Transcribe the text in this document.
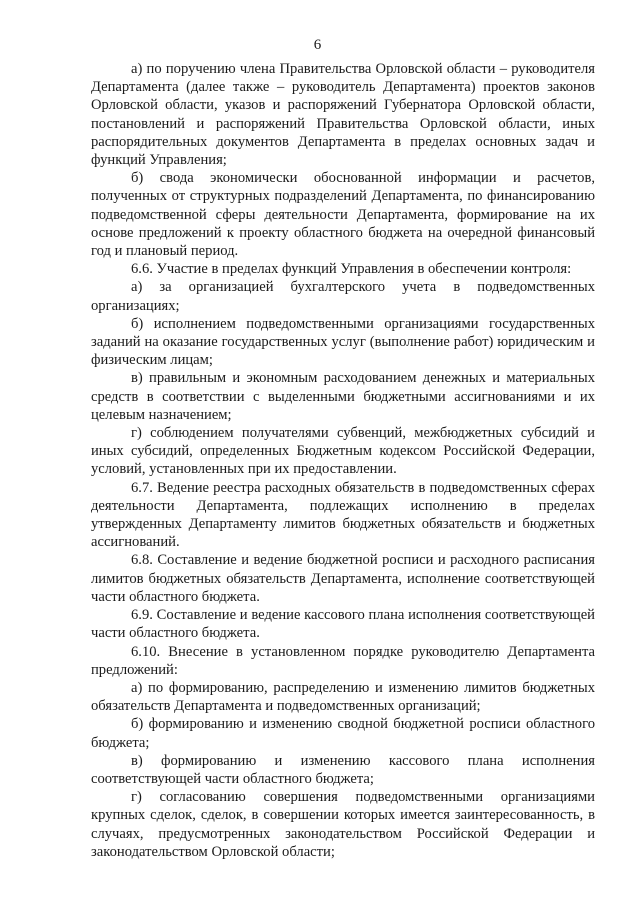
6

а) по поручению члена Правительства Орловской области – руководителя Департамента (далее также – руководитель Департамента) проектов законов Орловской области, указов и распоряжений Губернатора Орловской области, постановлений и распоряжений Правительства Орловской области, иных распорядительных документов Департамента в пределах основных задач и функций Управления;

б) свода экономически обоснованной информации и расчетов, полученных от структурных подразделений Департамента, по финансированию подведомственной сферы деятельности Департамента, формирование на их основе предложений к проекту областного бюджета на очередной финансовый год и плановый период.

6.6. Участие в пределах функций Управления в обеспечении контроля:

а) за организацией бухгалтерского учета в подведомственных организациях;

б) исполнением подведомственными организациями государственных заданий на оказание государственных услуг (выполнение работ) юридическим и физическим лицам;

в) правильным и экономным расходованием денежных и материальных средств в соответствии с выделенными бюджетными ассигнованиями и их целевым назначением;

г) соблюдением получателями субвенций, межбюджетных субсидий и иных субсидий, определенных Бюджетным кодексом Российской Федерации, условий, установленных при их предоставлении.

6.7. Ведение реестра расходных обязательств в подведомственных сферах деятельности Департамента, подлежащих исполнению в пределах утвержденных Департаменту лимитов бюджетных обязательств и бюджетных ассигнований.

6.8. Составление и ведение бюджетной росписи и расходного расписания лимитов бюджетных обязательств Департамента, исполнение соответствующей части областного бюджета.

6.9. Составление и ведение кассового плана исполнения соответствующей части областного бюджета.

6.10. Внесение в установленном порядке руководителю Департамента предложений:

а) по формированию, распределению и изменению лимитов бюджетных обязательств Департамента и подведомственных организаций;

б) формированию и изменению сводной бюджетной росписи областного бюджета;

в) формированию и изменению кассового плана исполнения соответствующей части областного бюджета;

г) согласованию совершения подведомственными организациями крупных сделок, сделок, в совершении которых имеется заинтересованность, в случаях, предусмотренных законодательством Российской Федерации и законодательством Орловской области;
